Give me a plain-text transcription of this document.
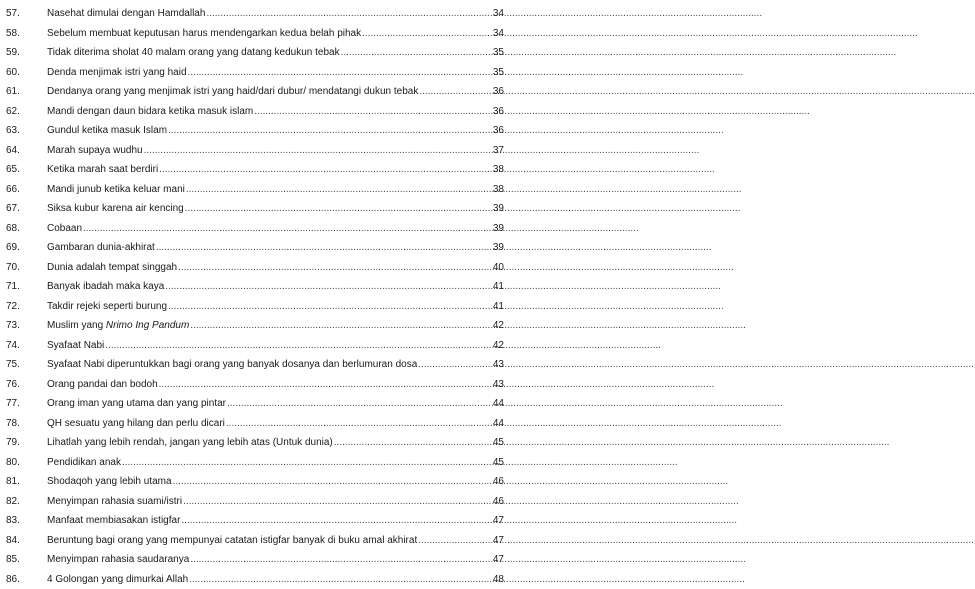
57.	Nasehat dimulai dengan Hamdallah .....	34
58.	Sebelum membuat keputusan harus mendengarkan kedua belah pihak .....	34
59.	Tidak diterima sholat 40 malam orang yang datang kedukun tebak .....	35
60.	Denda menjimak istri yang haid .....	35
61.	Dendanya orang yang menjimak istri yang haid/dari dubur/ mendatangi dukun tebak .....	36
62.	Mandi dengan daun bidara ketika masuk islam .....	36
63.	Gundul ketika masuk Islam .....	36
64.	Marah supaya wudhu .....	37
65.	Ketika marah saat berdiri .....	38
66.	Mandi junub ketika keluar mani .....	38
67.	Siksa kubur karena air kencing .....	39
68.	Cobaan .....	39
69.	Gambaran dunia-akhirat .....	39
70.	Dunia adalah tempat singgah .....	40
71.	Banyak ibadah maka kaya .....	41
72.	Takdir rejeki seperti burung .....	41
73.	Muslim yang Nrimo Ing Pandum .....	42
74.	Syafaat Nabi .....	42
75.	Syafaat Nabi diperuntukkan bagi orang yang banyak dosanya dan berlumuran dosa .....	43
76.	Orang pandai dan bodoh .....	43
77.	Orang iman yang utama dan yang pintar .....	44
78.	QH sesuatu yang hilang dan perlu dicari .....	44
79.	Lihatlah yang lebih rendah, jangan yang lebih atas (Untuk dunia) .....	45
80.	Pendidikan anak .....	45
81.	Shodaqoh yang lebih utama .....	46
82.	Menyimpan rahasia suami/istri .....	46
83.	Manfaat membiasakan istigfar .....	47
84.	Beruntung bagi orang yang mempunyai catatan istigfar banyak di buku amal akhirat .....	47
85.	Menyimpan rahasia saudaranya .....	47
86.	4 Golongan yang dimurkai Allah .....	48
